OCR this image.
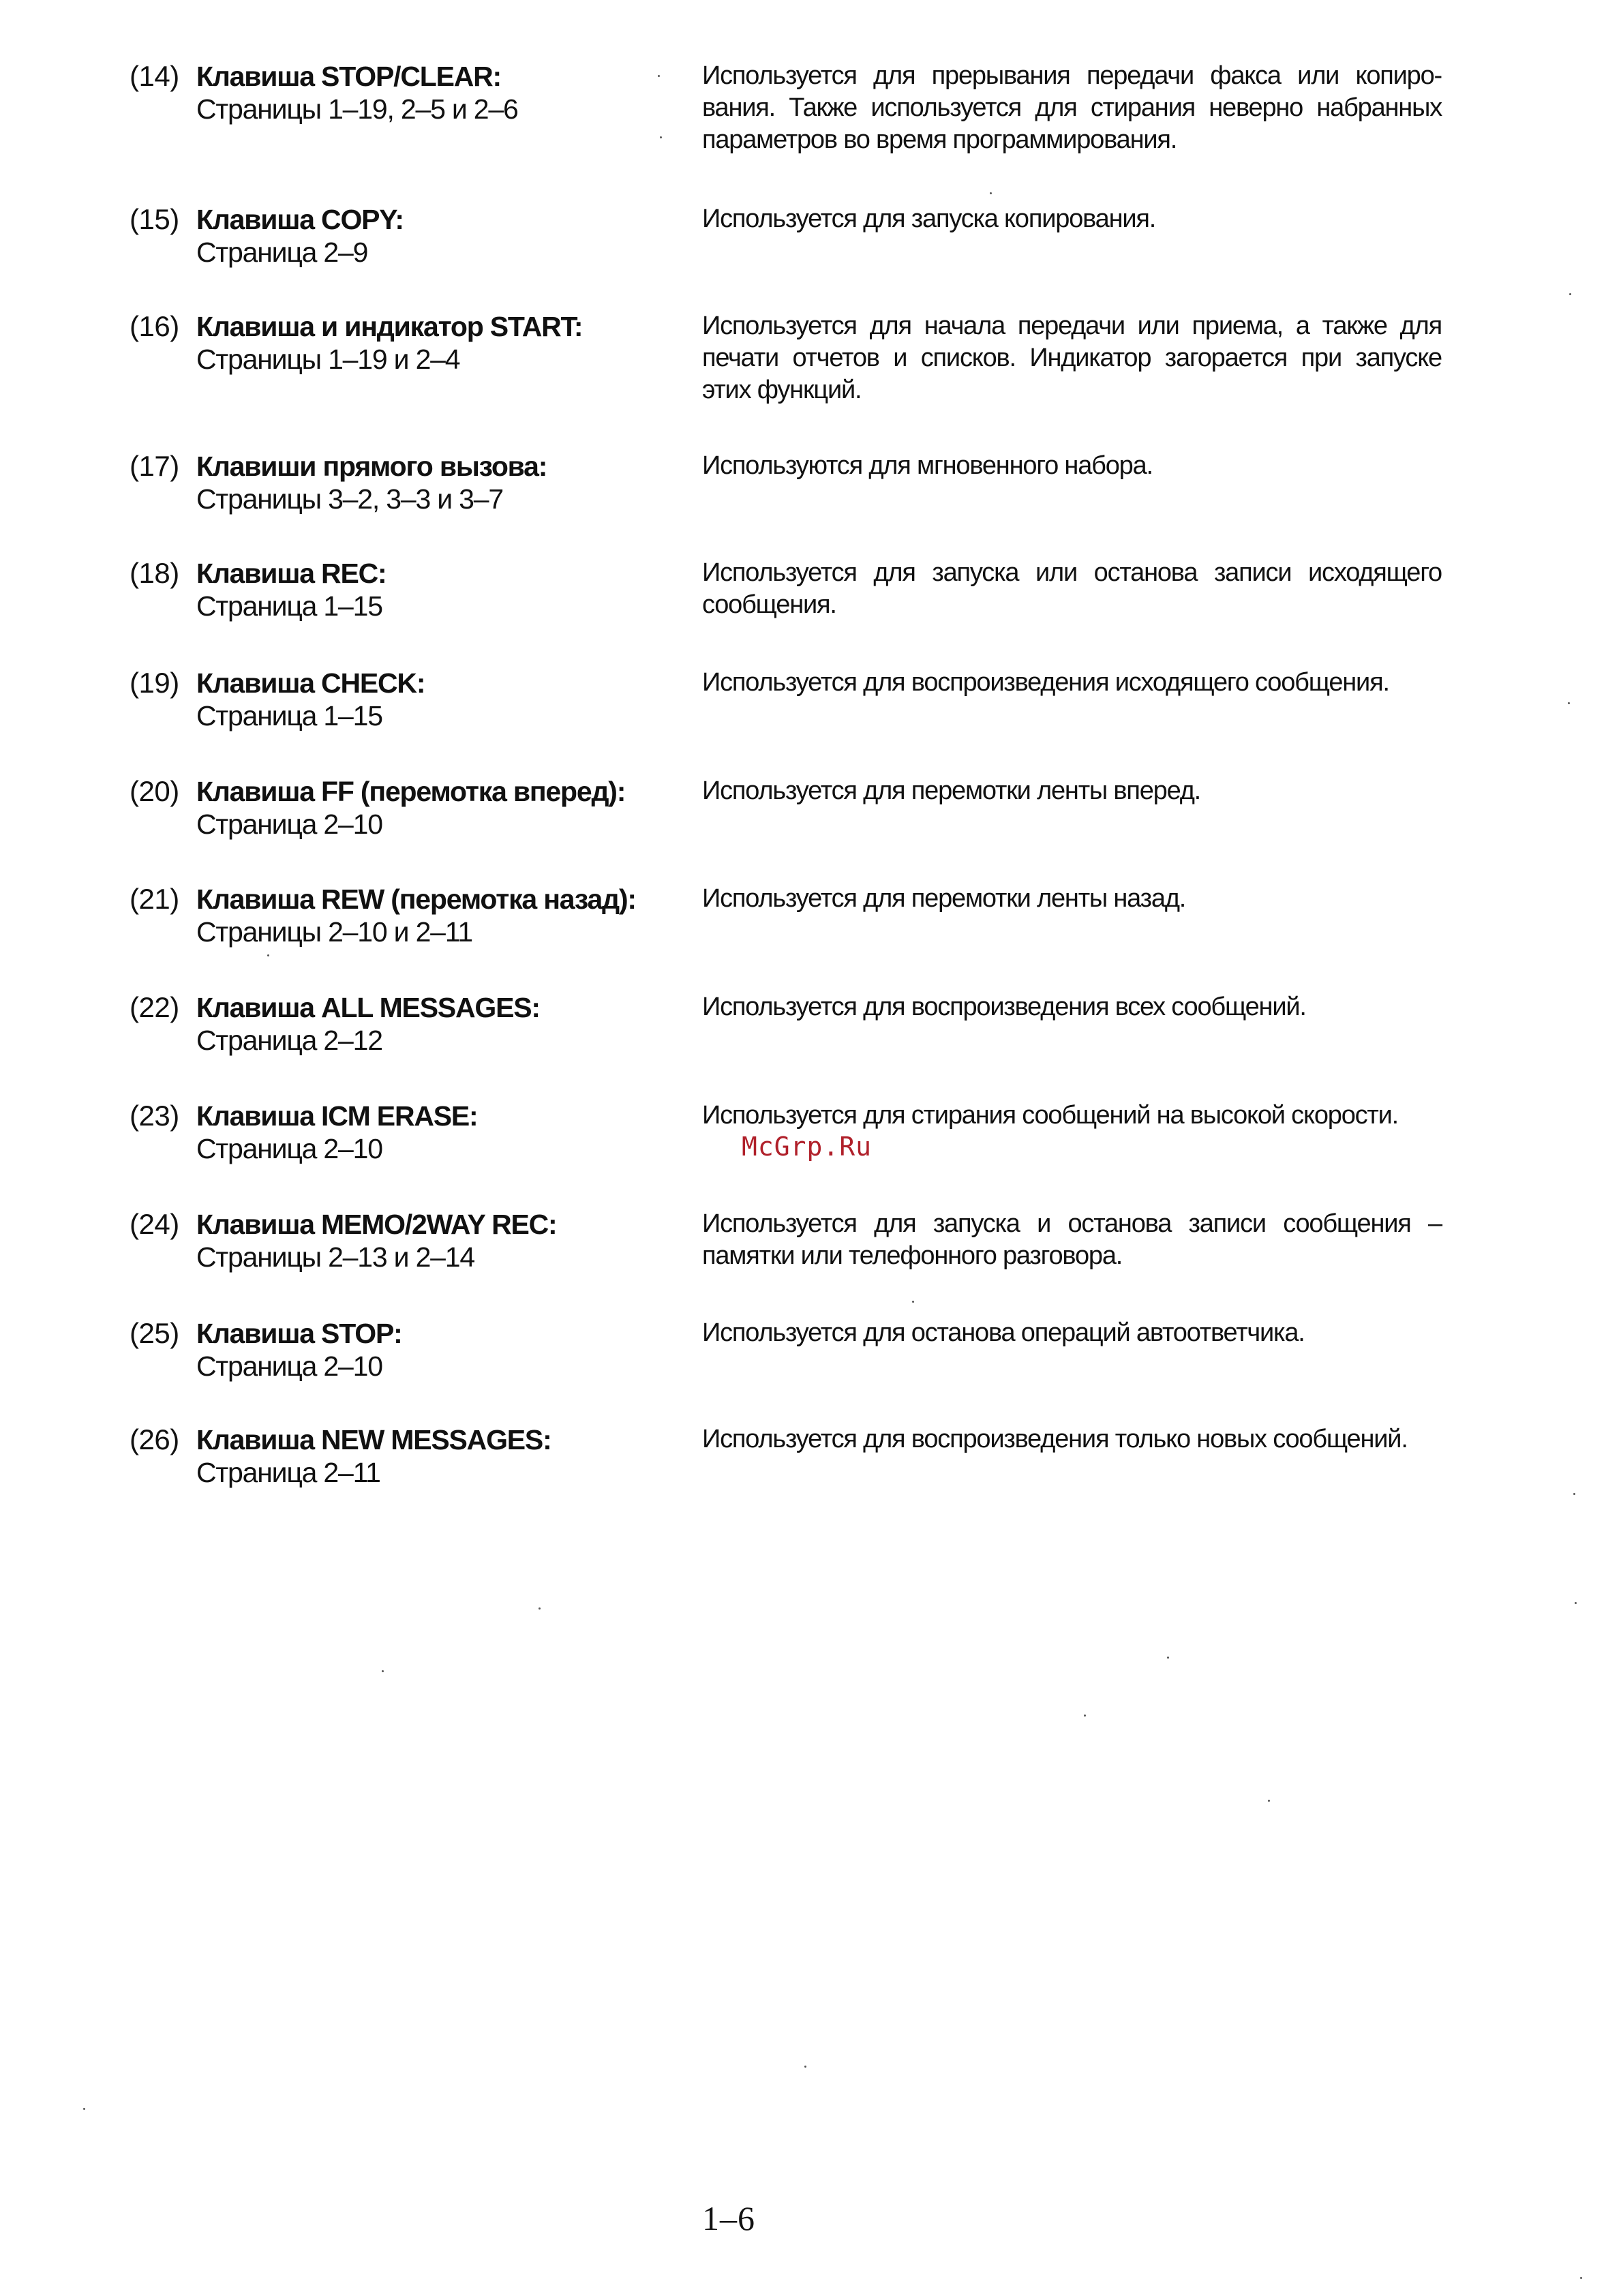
(14) Клавиша STOP/CLEAR:
Страницы 1–19, 2–5 и 2–6
Используется для прерывания передачи факса или копиро-вания. Также используется для стирания неверно набранных параметров во время программирования.
(15) Клавиша COPY:
Страница 2–9
Используется для запуска копирования.
(16) Клавиша и индикатор START:
Страницы 1–19 и 2–4
Используется для начала передачи или приема, а также для печати отчетов и списков. Индикатор загорается при запуске этих функций.
(17) Клавиши прямого вызова:
Страницы 3–2, 3–3 и 3–7
Используются для мгновенного набора.
(18) Клавиша REC:
Страница 1–15
Используется для запуска или останова записи исходящего сообщения.
(19) Клавиша CHECK:
Страница 1–15
Используется для воспроизведения исходящего сообщения.
(20) Клавиша FF (перемотка вперед):
Страница 2–10
Используется для перемотки ленты вперед.
(21) Клавиша REW (перемотка назад):
Страницы 2–10 и 2–11
Используется для перемотки ленты назад.
(22) Клавиша ALL MESSAGES:
Страница 2–12
Используется для воспроизведения всех сообщений.
(23) Клавиша ICM ERASE:
Страница 2–10
Используется для стирания сообщений на высокой скорости.
(24) Клавиша MEMO/2WAY REC:
Страницы 2–13 и 2–14
Используется для запуска и останова записи сообщения – памятки или телефонного разговора.
(25) Клавиша STOP:
Страница 2–10
Используется для останова операций автоответчика.
(26) Клавиша NEW MESSAGES:
Страница 2–11
Используется для воспроизведения только новых сообщений.
McGrp.Ru
1–6
